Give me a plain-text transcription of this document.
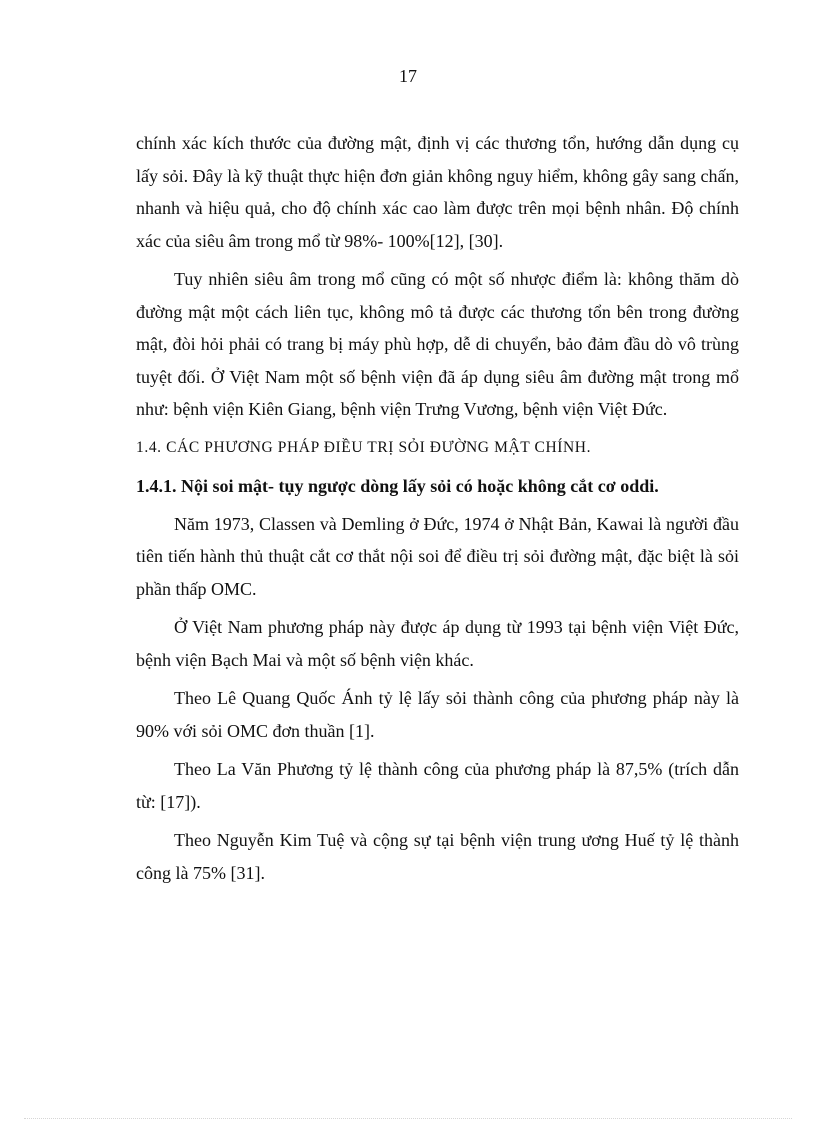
17

chính xác kích thước của đường mật, định vị các thương tổn, hướng dẫn dụng cụ lấy sỏi. Đây là kỹ thuật thực hiện đơn giản không nguy hiểm, không gây sang chấn, nhanh và hiệu quả, cho độ chính xác cao làm được trên mọi bệnh nhân. Độ chính xác của siêu âm trong mổ từ 98%- 100%[12], [30].

Tuy nhiên siêu âm trong mổ cũng có một số nhược điểm là: không thăm dò đường mật một cách liên tục, không mô tả được các thương tổn bên trong đường mật, đòi hỏi phải có trang bị máy phù hợp, dễ di chuyển, bảo đảm đầu dò vô trùng tuyệt đối. Ở Việt Nam một số bệnh viện đã áp dụng siêu âm đường mật trong mổ như: bệnh viện Kiên Giang, bệnh viện Trưng Vương, bệnh viện Việt Đức.

1.4. CÁC PHƯƠNG PHÁP ĐIỀU TRỊ SỎI ĐƯỜNG MẬT CHÍNH.

1.4.1. Nội soi mật- tụy ngược dòng lấy sỏi có hoặc không cắt cơ oddi.

Năm 1973, Classen và Demling ở Đức, 1974 ở Nhật Bản, Kawai là người đầu tiên tiến hành thủ thuật cắt cơ thắt nội soi để điều trị sỏi đường mật, đặc biệt là sỏi phần thấp OMC.

Ở Việt Nam phương pháp này được áp dụng từ 1993 tại bệnh viện Việt Đức, bệnh viện Bạch Mai và một số bệnh viện khác.

Theo Lê Quang Quốc Ánh tỷ lệ lấy sỏi thành công của phương pháp này là 90% với sỏi OMC đơn thuần [1].

Theo La Văn Phương tỷ lệ thành công của phương pháp là 87,5% (trích dẫn từ: [17]).

Theo Nguyễn Kim Tuệ và cộng sự tại bệnh viện trung ương Huế tỷ lệ thành công là 75% [31].
